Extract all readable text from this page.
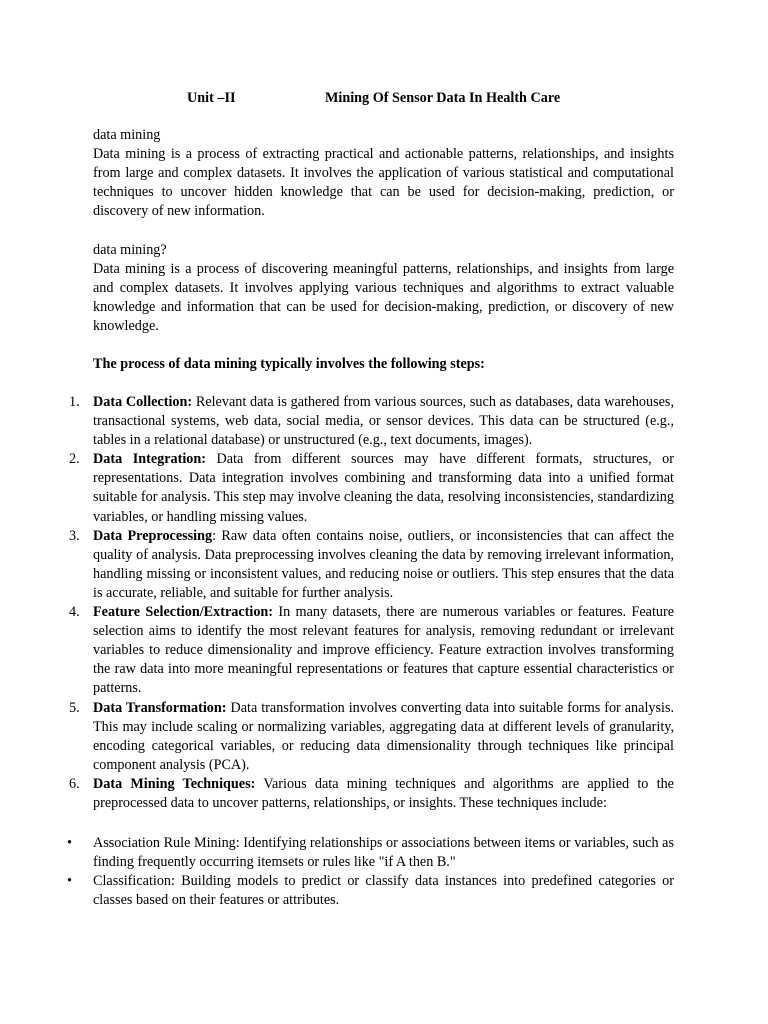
Unit –II	Mining Of Sensor Data In Health Care
data mining

Data mining is a process of extracting practical and actionable patterns, relationships, and insights from large and complex datasets. It involves the application of various statistical and computational techniques to uncover hidden knowledge that can be used for decision-making, prediction, or discovery of new information.

data mining?

Data mining is a process of discovering meaningful patterns, relationships, and insights from large and complex datasets. It involves applying various techniques and algorithms to extract valuable knowledge and information that can be used for decision-making, prediction, or discovery of new knowledge.

The process of data mining typically involves the following steps:
1. Data Collection: Relevant data is gathered from various sources, such as databases, data warehouses, transactional systems, web data, social media, or sensor devices. This data can be structured (e.g., tables in a relational database) or unstructured (e.g., text documents, images).
2. Data Integration: Data from different sources may have different formats, structures, or representations. Data integration involves combining and transforming data into a unified format suitable for analysis. This step may involve cleaning the data, resolving inconsistencies, standardizing variables, or handling missing values.
3. Data Preprocessing: Raw data often contains noise, outliers, or inconsistencies that can affect the quality of analysis. Data preprocessing involves cleaning the data by removing irrelevant information, handling missing or inconsistent values, and reducing noise or outliers. This step ensures that the data is accurate, reliable, and suitable for further analysis.
4. Feature Selection/Extraction: In many datasets, there are numerous variables or features. Feature selection aims to identify the most relevant features for analysis, removing redundant or irrelevant variables to reduce dimensionality and improve efficiency. Feature extraction involves transforming the raw data into more meaningful representations or features that capture essential characteristics or patterns.
5. Data Transformation: Data transformation involves converting data into suitable forms for analysis. This may include scaling or normalizing variables, aggregating data at different levels of granularity, encoding categorical variables, or reducing data dimensionality through techniques like principal component analysis (PCA).
6. Data Mining Techniques: Various data mining techniques and algorithms are applied to the preprocessed data to uncover patterns, relationships, or insights. These techniques include:
• Association Rule Mining: Identifying relationships or associations between items or variables, such as finding frequently occurring itemsets or rules like "if A then B."
• Classification: Building models to predict or classify data instances into predefined categories or classes based on their features or attributes.
